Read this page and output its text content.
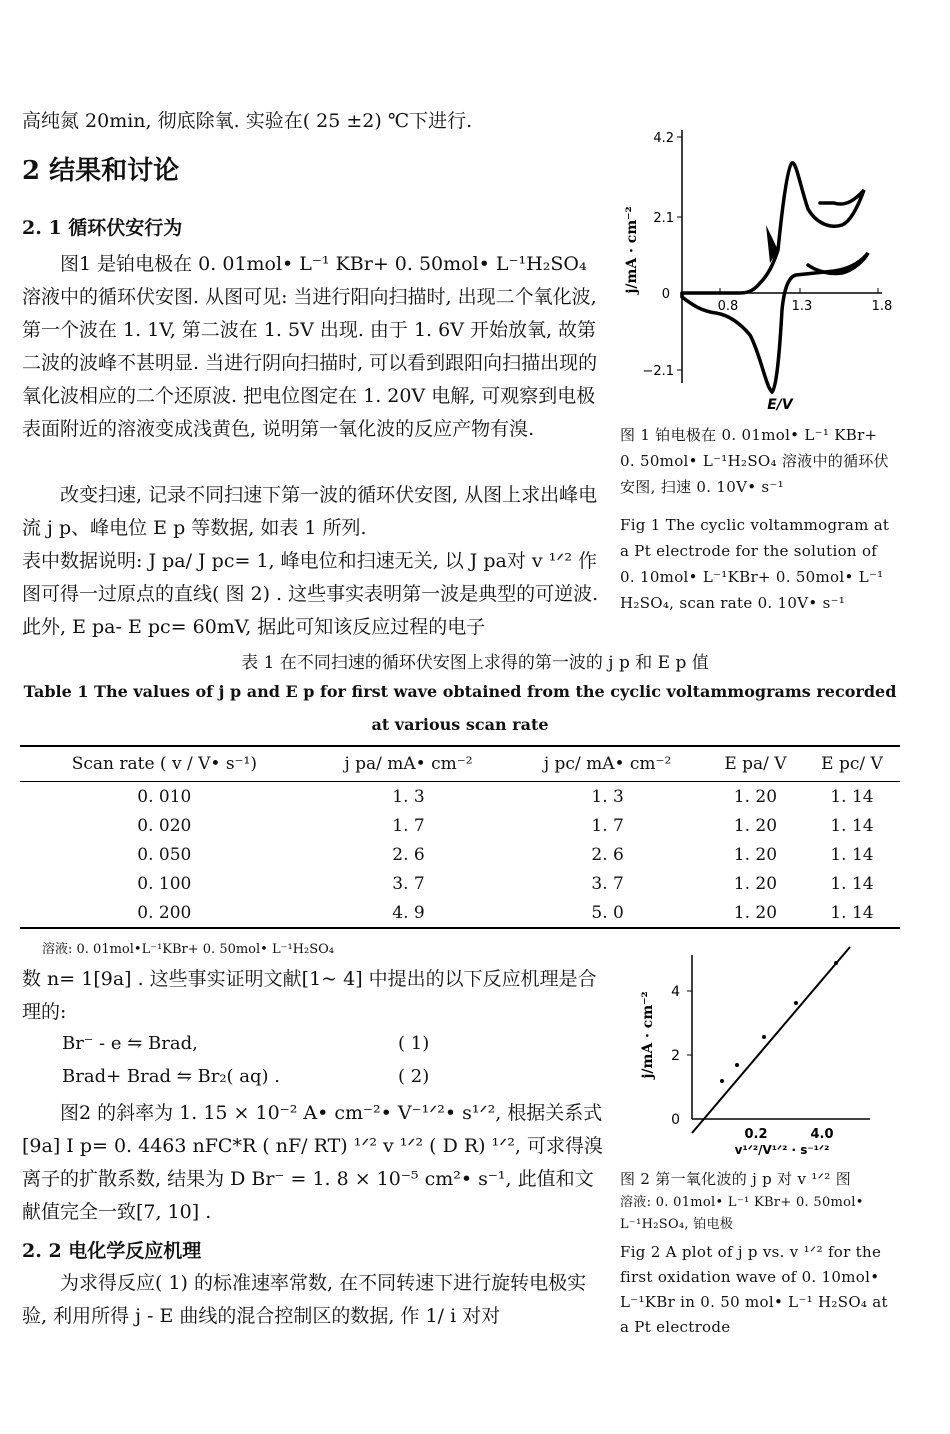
高纯氮 20min, 彻底除氧. 实验在( 25 ±2) ℃下进行.
2 结果和讨论
2. 1 循环伏安行为
图1 是铂电极在 0. 01mol• L⁻¹ KBr+ 0. 50mol• L⁻¹H₂SO₄ 溶液中的循环伏安图. 从图可见: 当进行阳向扫描时, 出现二个氧化波, 第一个波在 1. 1V, 第二波在 1. 5V 出现. 由于 1. 6V 开始放氧, 故第二波的波峰不甚明显. 当进行阴向扫描时, 可以看到跟阳向扫描出现的氧化波相应的二个还原波. 把电位图定在 1. 20V 电解, 可观察到电极表面附近的溶液变成浅黄色, 说明第一氧化波的反应产物有溴.
改变扫速, 记录不同扫速下第一波的循环伏安图, 从图上求出峰电流 j p、峰电位 E p 等数据, 如表 1 所列.
表中数据说明: J pa/ J pc= 1, 峰电位和扫速无关, 以 J pa对 v ¹ᐟ² 作图可得一过原点的直线( 图 2) . 这些事实表明第一波是典型的可逆波. 此外, E pa- E pc= 60mV, 据此可知该反应过程的电子
4.2
2.1
0
−2.1
0.8	1.3	1.8
E/V
j/mA · cm⁻²
图 1 铂电极在 0. 01mol• L⁻¹ KBr+ 0. 50mol• L⁻¹H₂SO₄ 溶液中的循环伏安图, 扫速 0. 10V• s⁻¹
Fig 1 The cyclic voltammogram at a Pt electrode for the solution of 0. 10mol• L⁻¹KBr+ 0. 50mol• L⁻¹ H₂SO₄, scan rate 0. 10V• s⁻¹
表 1 在不同扫速的循环伏安图上求得的第一波的 j p 和 E p 值
Table 1 The values of j p and E p for first wave obtained from the cyclic voltammograms recorded
at various scan rate
Scan rate ( v / V• s⁻¹)	j pa/ mA• cm⁻²	j pc/ mA• cm⁻²	E pa/ V	E pc/ V
0. 010	1. 3	1. 3	1. 20	1. 14
0. 020	1. 7	1. 7	1. 20	1. 14
0. 050	2. 6	2. 6	1. 20	1. 14
0. 100	3. 7	3. 7	1. 20	1. 14
0. 200	4. 9	5. 0	1. 20	1. 14
溶液: 0. 01mol•L⁻¹KBr+ 0. 50mol• L⁻¹H₂SO₄
数 n= 1[9a] . 这些事实证明文献[1~ 4] 中提出的以下反应机理是合理的:
Br⁻ - e ⇋ Brad,	( 1)
Brad+ Brad ⇋ Br₂( aq) .	( 2)
图2 的斜率为 1. 15 × 10⁻² A• cm⁻²• V⁻¹ᐟ²• s¹ᐟ², 根据关系式[9a] I p= 0. 4463 nFC*R ( nF/ RT) ¹ᐟ² v ¹ᐟ² ( D R) ¹ᐟ², 可求得溴离子的扩散系数, 结果为 D Br⁻ = 1. 8 × 10⁻⁵ cm²• s⁻¹, 此值和文献值完全一致[7, 10] .
2. 2 电化学反应机理
为求得反应( 1) 的标准速率常数, 在不同转速下进行旋转电极实验, 利用所得 j - E 曲线的混合控制区的数据, 作 1/ i 对对
4
2
0
0.2	4.0
v¹ᐟ²/V¹ᐟ² · s⁻¹ᐟ²
j/mA · cm⁻²
图 2 第一氧化波的 j p 对 v ¹ᐟ² 图
溶液: 0. 01mol• L⁻¹ KBr+ 0. 50mol• L⁻¹H₂SO₄, 铂电极
Fig 2 A plot of j p vs. v ¹ᐟ² for the first oxidation wave of 0. 10mol• L⁻¹KBr in 0. 50 mol• L⁻¹ H₂SO₄ at a Pt electrode
